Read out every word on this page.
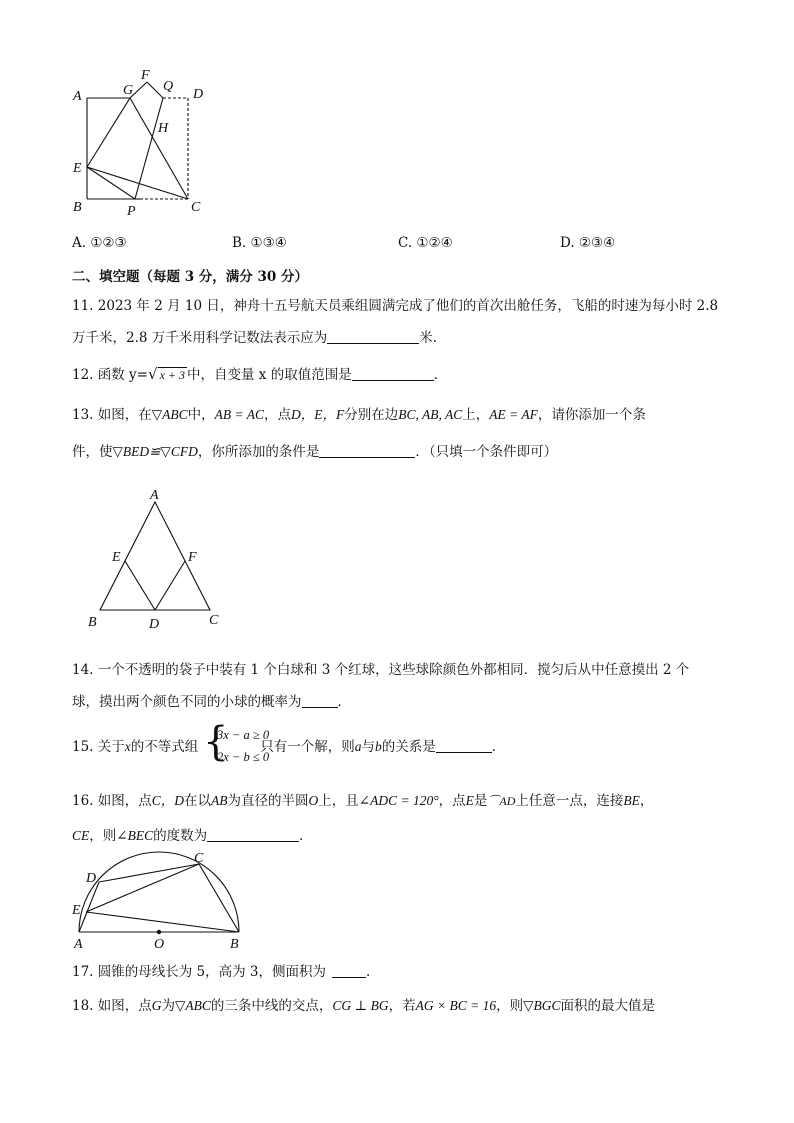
A	G
F
Q
D
H
E
B	P	C
A. ①②③	B. ①③④	C. ①②④	D. ②③④
二、填空题（每题 3 分，满分 30 分）
11. 2023 年 2 月 10 日，神舟十五号航天员乘组圆满完成了他们的首次出舱任务，飞船的时速为每小时 2.8
万千米，2.8 万千米用科学记数法表示应为	米．
12. 函数 y=√ x + 3 中，自变量 x 的取值范围是	．
13. 如图，在▽ABC中，AB = AC，点D，E，F分别在边BC, AB, AC上，AE = AF，请你添加一个条
件，使▽BED≌▽CFD，你所添加的条件是	．（只填一个条件即可）
A
E	F
B	D	C
14. 一个不透明的袋子中装有 1 个白球和 3 个红球，这些球除颜色外都相同．搅匀后从中任意摸出 2 个
球，摸出两个颜色不同的小球的概率为	．
15. 关于x的不等式组	只有一个解，则a与b的关系是	．
{
3x − a ≥ 0
2x − b ≤ 0
16. 如图，点C，D在以AB为直径的半圆O上，且∠ADC = 120°，点E是⌒AD上任意一点，连接BE，
CE，则∠BEC的度数为	．
D
C
E
A	O	B
17. 圆锥的母线长为 5，高为 3，侧面积为	．
18. 如图，点G为▽ABC的三条中线的交点，CG ⊥ BG，若AG × BC = 16，则▽BGC面积的最大值是
